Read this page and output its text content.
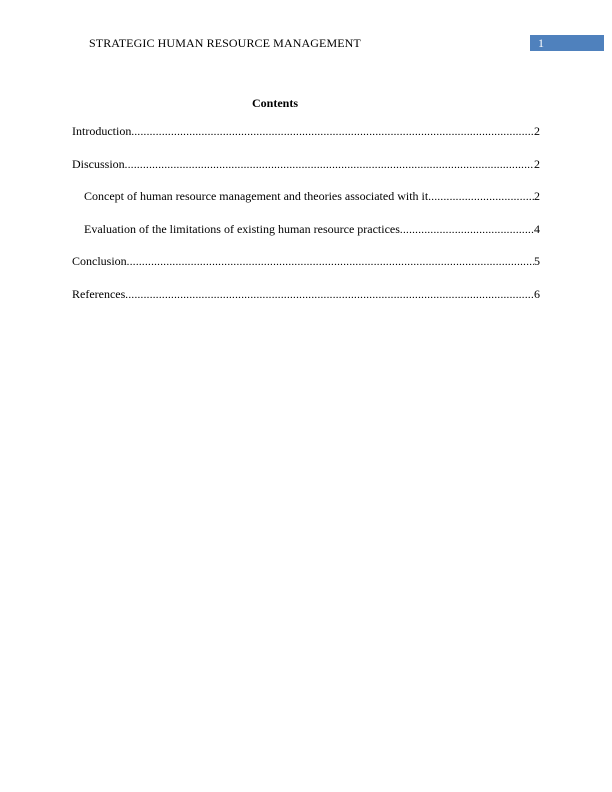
STRATEGIC HUMAN RESOURCE MANAGEMENT	1
Contents
Introduction .....	2
Discussion .....	2
Concept of human resource management and theories associated with it .....	2
Evaluation of the limitations of existing human resource practices .....	4
Conclusion .....	5
References .....	6
